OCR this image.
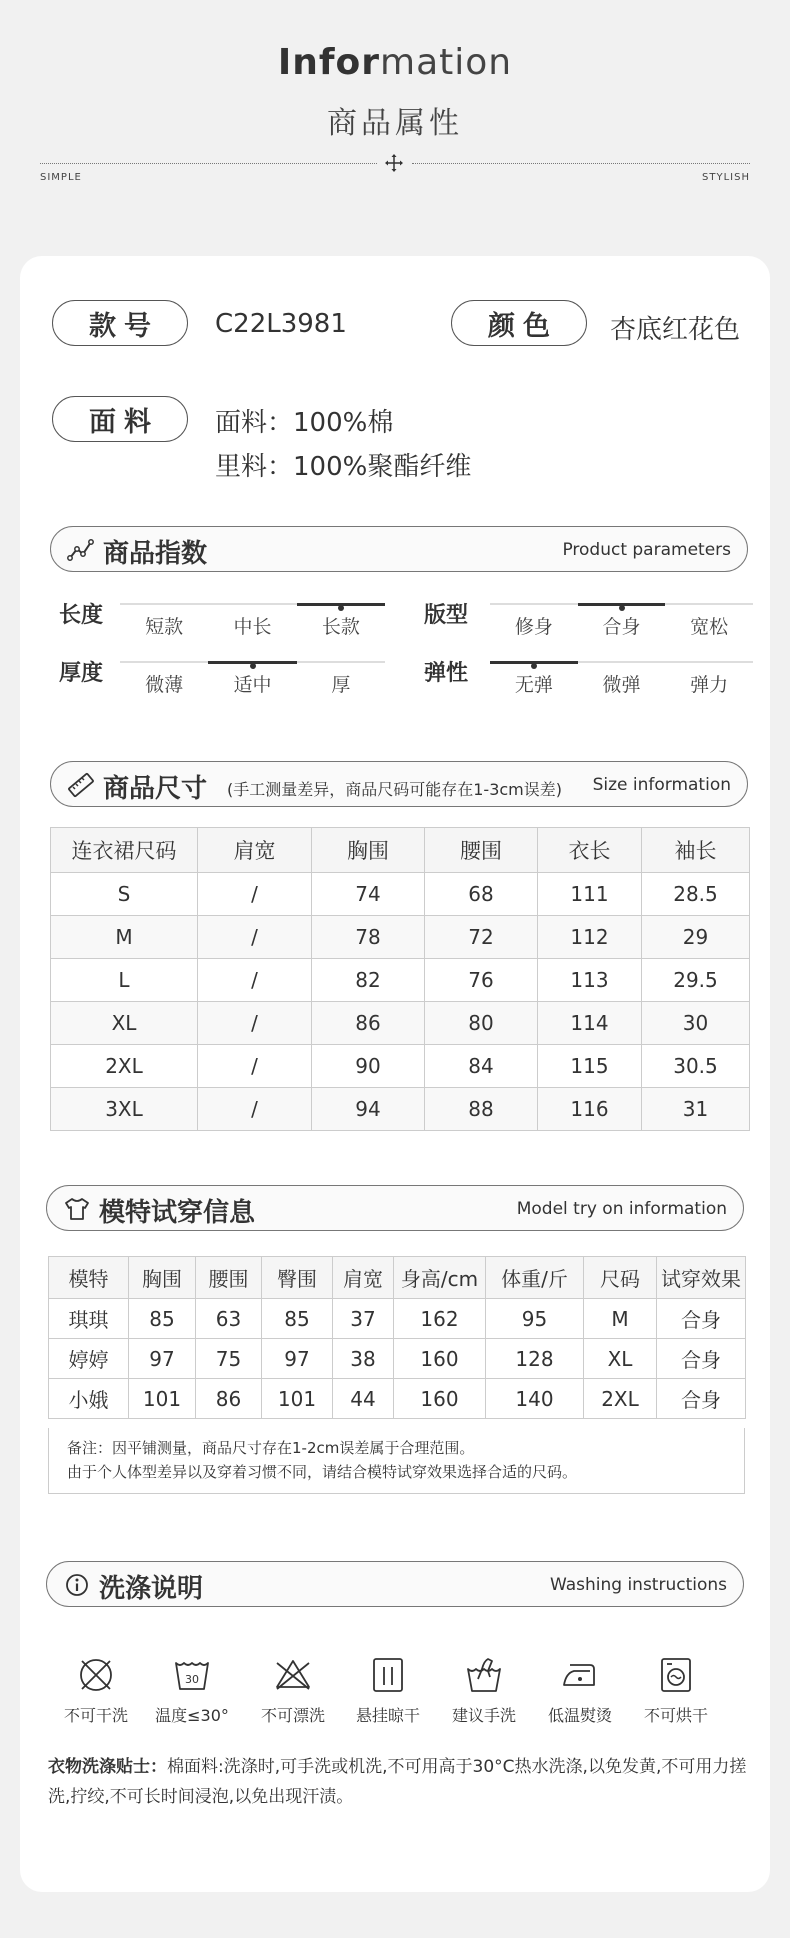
Information
商品属性
SIMPLE	STYLISH
款号 C22L3981	颜色 杏底红花色
面料 面料：100%棉
里料：100%聚酯纤维
商品指数	Product parameters
长度	短款	中长	长款	版型	修身	合身	宽松
厚度	微薄	适中	厚	弹性	无弹	微弹	弹力
商品尺寸 (手工测量差异，商品尺码可能存在1-3cm误差) Size information
连衣裙尺码	肩宽	胸围	腰围	衣长	袖长
S	/	74	68	111	28.5
M	/	78	72	112	29
L	/	82	76	113	29.5
XL	/	86	80	114	30
2XL	/	90	84	115	30.5
3XL	/	94	88	116	31
模特试穿信息	Model try on information
模特	胸围	腰围	臀围	肩宽	身高/cm	体重/斤	尺码	试穿效果
琪琪	85	63	85	37	162	95	M	合身
婷婷	97	75	97	38	160	128	XL	合身
小娥	101	86	101	44	160	140	2XL	合身
备注：因平铺测量，商品尺寸存在1-2cm误差属于合理范围。
由于个人体型差异以及穿着习惯不同，请结合模特试穿效果选择合适的尺码。
洗涤说明	Washing instructions
不可干洗
30
温度≤30°	不可漂洗	悬挂晾干	建议手洗	低温熨烫	不可烘干
衣物洗涤贴士：棉面料:洗涤时,可手洗或机洗,不可用高于30°C热水洗涤,以免发黄,不可用力搓洗,拧绞,不可长时间浸泡,以免出现汗渍。
